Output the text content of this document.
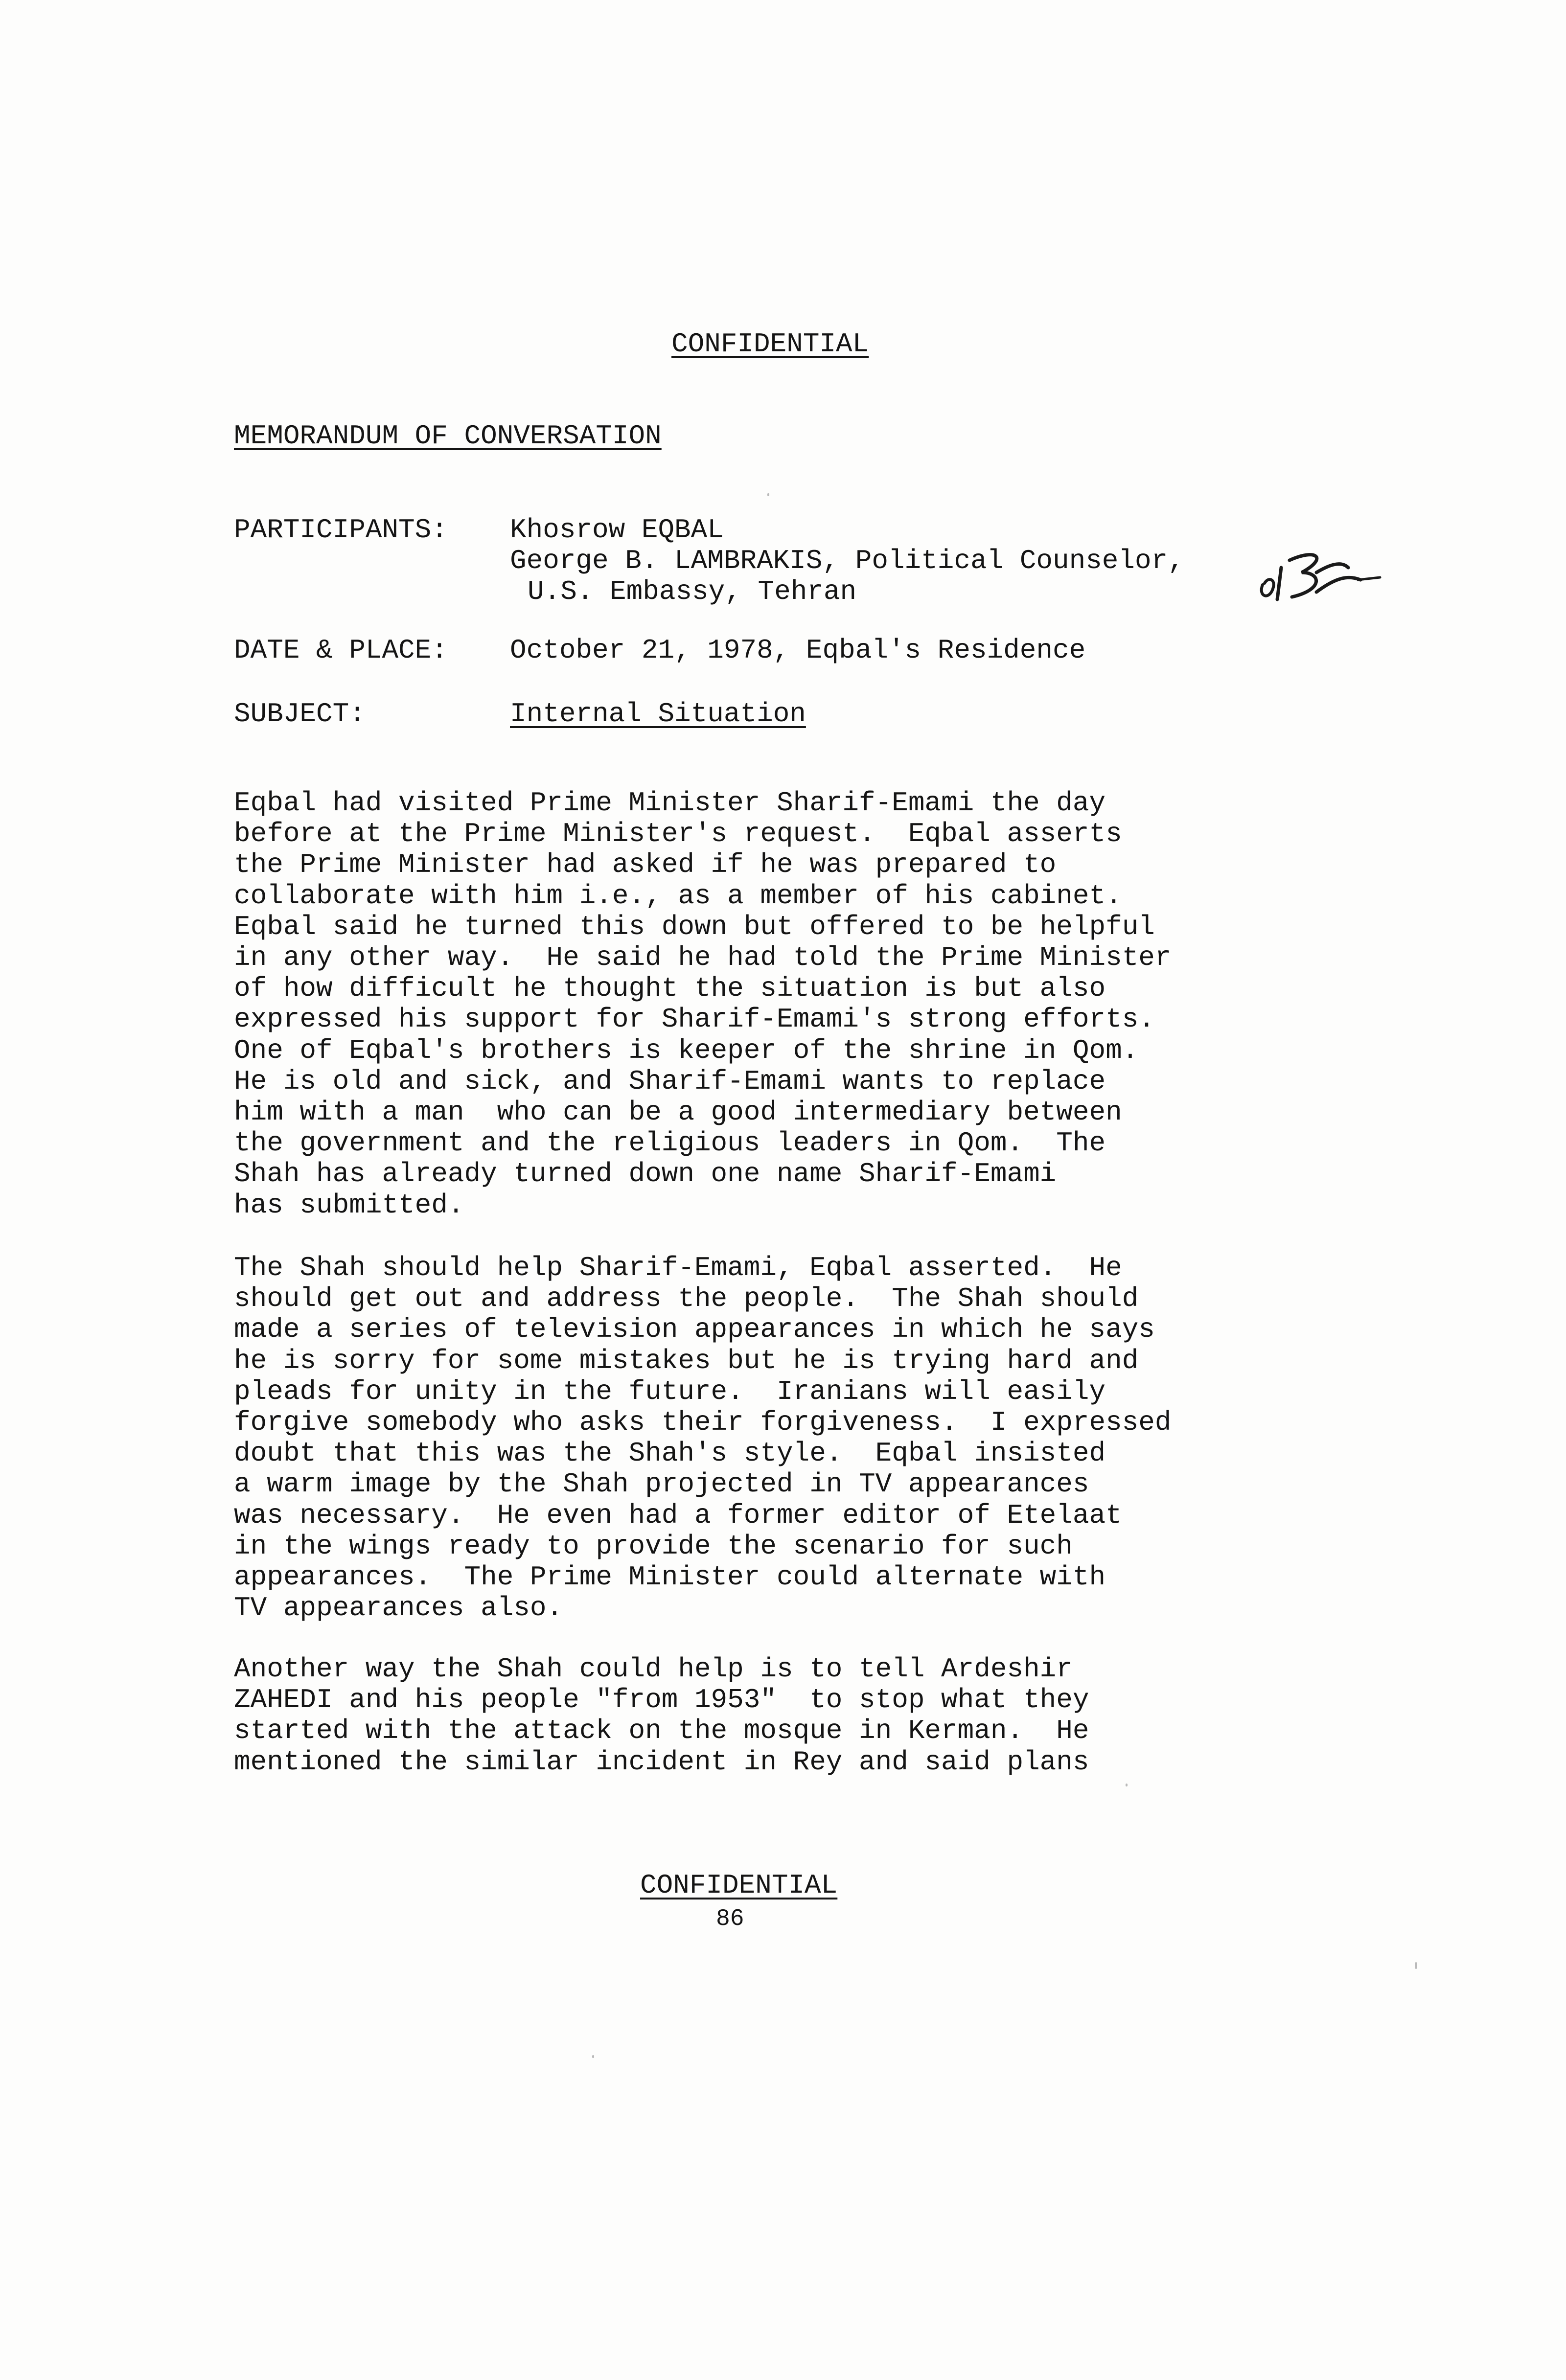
CONFIDENTIAL

MEMORANDUM OF CONVERSATION

PARTICIPANTS: Khosrow EQBAL

George B. LAMBRAKIS, Political Counselor,

U.S. Embassy, Tehran

DATE & PLACE: October 21, 1978, Eqbal's Residence

SUBJECT:	Internal Situation

Eqbal had visited Prime Minister Sharif-Emami the day
before at the Prime Minister's request.  Eqbal asserts
the Prime Minister had asked if he was prepared to
collaborate with him i.e., as a member of his cabinet.
Eqbal said he turned this down but offered to be helpful
in any other way.  He said he had told the Prime Minister
of how difficult he thought the situation is but also
expressed his support for Sharif-Emami's strong efforts.
One of Eqbal's brothers is keeper of the shrine in Qom.
He is old and sick, and Sharif-Emami wants to replace
him with a man  who can be a good intermediary between
the government and the religious leaders in Qom.  The
Shah has already turned down one name Sharif-Emami
has submitted.
The Shah should help Sharif-Emami, Eqbal asserted.  He
should get out and address the people.  The Shah should
made a series of television appearances in which he says
he is sorry for some mistakes but he is trying hard and
pleads for unity in the future.  Iranians will easily
forgive somebody who asks their forgiveness.  I expressed
doubt that this was the Shah's style.  Eqbal insisted
a warm image by the Shah projected in TV appearances
was necessary.  He even had a former editor of Etelaat
in the wings ready to provide the scenario for such
appearances.  The Prime Minister could alternate with
TV appearances also.
Another way the Shah could help is to tell Ardeshir
ZAHEDI and his people "from 1953"  to stop what they
started with the attack on the mosque in Kerman.  He
mentioned the similar incident in Rey and said plans

CONFIDENTIAL

86
